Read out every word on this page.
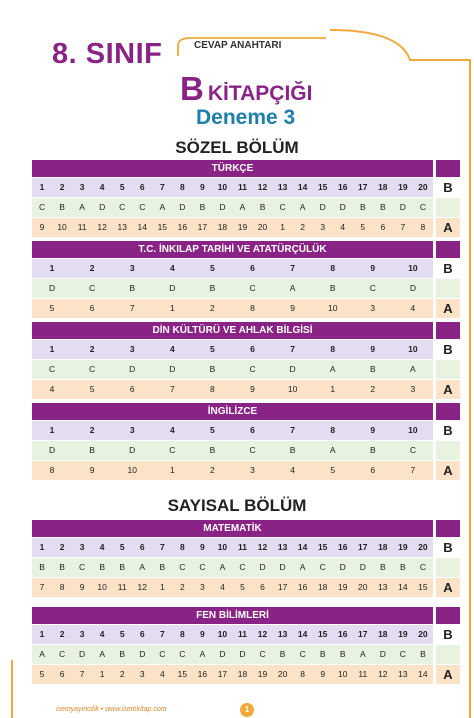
8. SINIF	CEVAP ANAHTARI
BKİTAPÇIĞI
Deneme 3
SÖZEL BÖLÜM
TÜRKÇE
1	2	3	4	5	6	7	8	9	10	11	12	13	14	15	16	17	18	19	20	B
C	B	A	D	C	C	A	D	B	D	A	B	C	A	D	D	B	B	D	C
9	10	11	12	13	14	15	16	17	18	19	20	1	2	3	4	5	6	7	8	A
T.C. İNKILAP TARİHİ VE ATATÜRÇÜLÜK
1	2	3	4	5	6	7	8	9	10	B
D	C	B	D	B	C	A	B	C	D
5	6	7	1	2	8	9	10	3	4	A
DİN KÜLTÜRÜ VE AHLAK BİLGİSİ
1	2	3	4	5	6	7	8	9	10	B
C	C	D	D	B	C	D	A	B	A
4	5	6	7	8	9	10	1	2	3	A
İNGİLİZCE
1	2	3	4	5	6	7	8	9	10	B
D	B	D	C	B	C	B	A	B	C
8	9	10	1	2	3	4	5	6	7	A
MATEMATİK
1	2	3	4	5	6	7	8	9	10	11	12	13	14	15	16	17	18	19	20	B
B	B	C	B	B	A	B	C	C	A	C	D	D	A	C	D	D	B	B	C
7	8	9	10	11	12	1	2	3	4	5	6	17	16	18	19	20	13	14	15	A
FEN BİLİMLERİ
1	2	3	4	5	6	7	8	9	10	11	12	13	14	15	16	17	18	19	20	B
A	C	D	A	B	D	C	C	A	D	D	C	B	C	B	B	A	D	C	B
5	6	7	1	2	3	4	15	16	17	18	19	20	8	9	10	11	12	13	14	A
SAYISAL BÖLÜM
isemyayincilik • www.isemkitap.com	1
